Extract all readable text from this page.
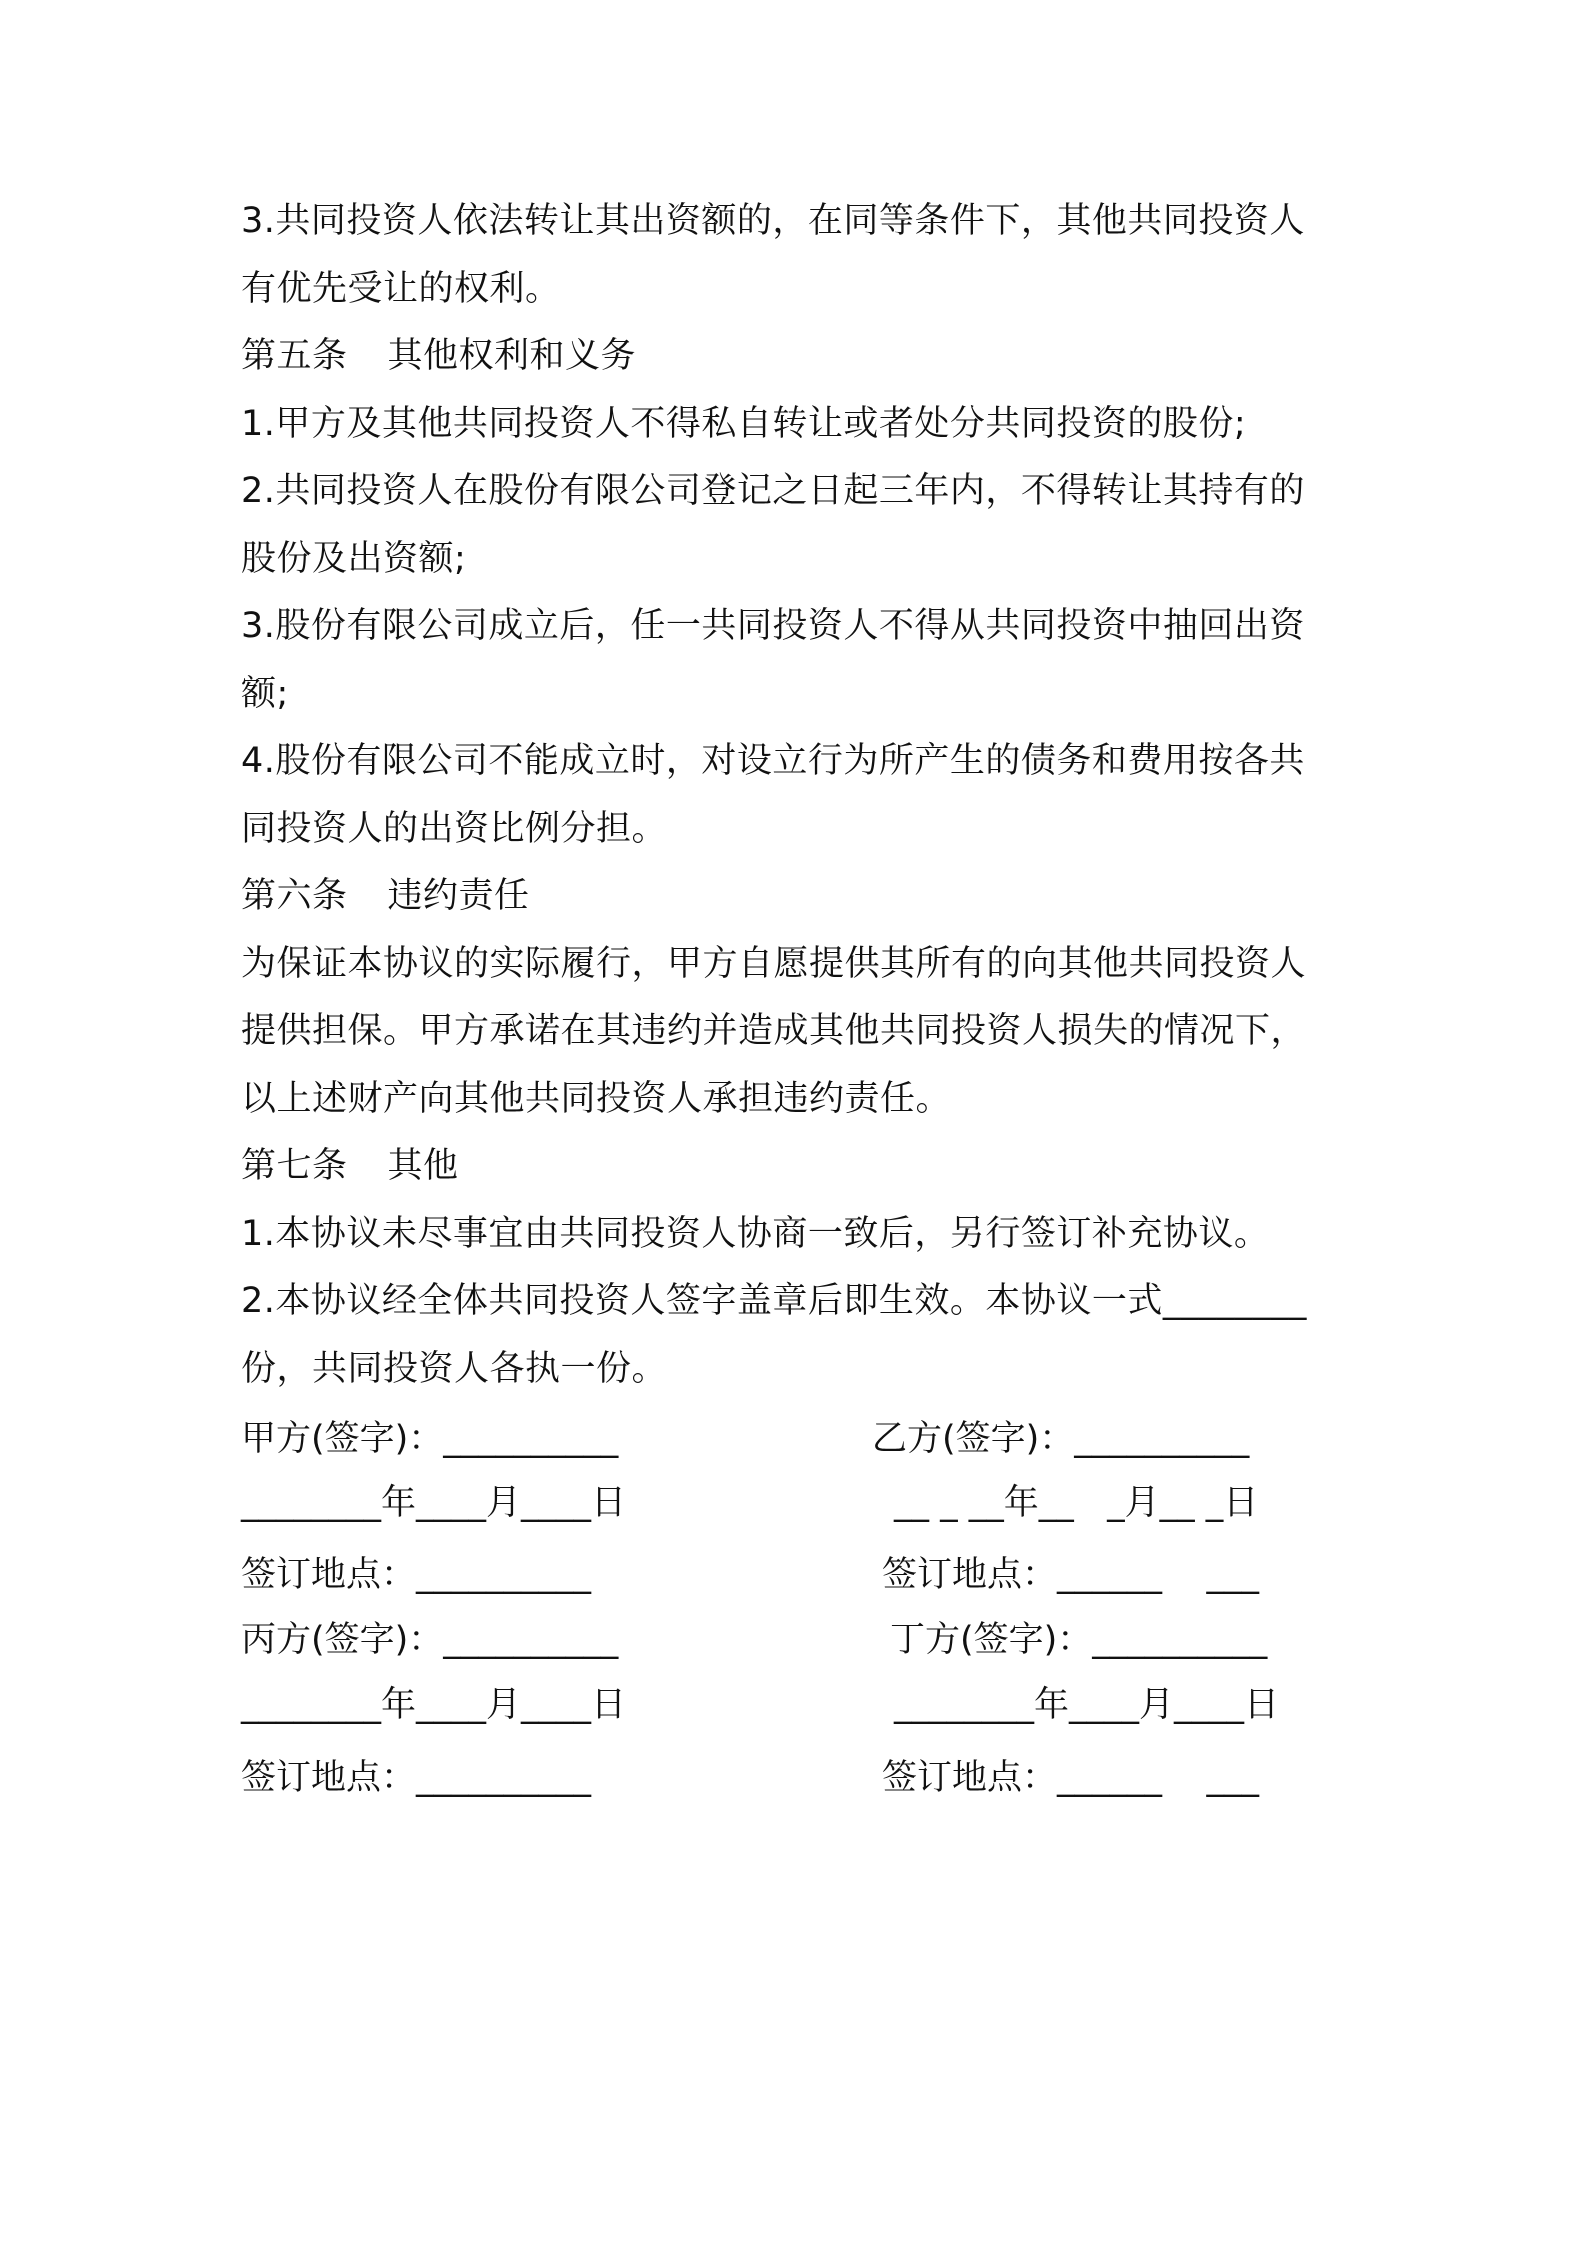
3.共同投资人依法转让其出资额的，在同等条件下，其他共同投资人
有优先受让的权利。
第五条 其他权利和义务
1.甲方及其他共同投资人不得私自转让或者处分共同投资的股份;
2.共同投资人在股份有限公司登记之日起三年内，不得转让其持有的
股份及出资额;
3.股份有限公司成立后，任一共同投资人不得从共同投资中抽回出资
额;
4.股份有限公司不能成立时，对设立行为所产生的债务和费用按各共
同投资人的出资比例分担。
第六条 违约责任
为保证本协议的实际履行，甲方自愿提供其所有的向其他共同投资人
提供担保。甲方承诺在其违约并造成其他共同投资人损失的情况下，
以上述财产向其他共同投资人承担违约责任。
第七条 其他
1.本协议未尽事宜由共同投资人协商一致后，另行签订补充协议。
2.本协议经全体共同投资人签字盖章后即生效。本协议一式________
份，共同投资人各执一份。
甲方(签字)：__________	乙方(签字)：__________
________年____月____日	__ _ __年__   _月__ _日
签订地点：__________	签订地点：______    ___
丙方(签字)：__________	丁方(签字)：__________
________年____月____日	________年____月____日
签订地点：__________	签订地点：______    ___
